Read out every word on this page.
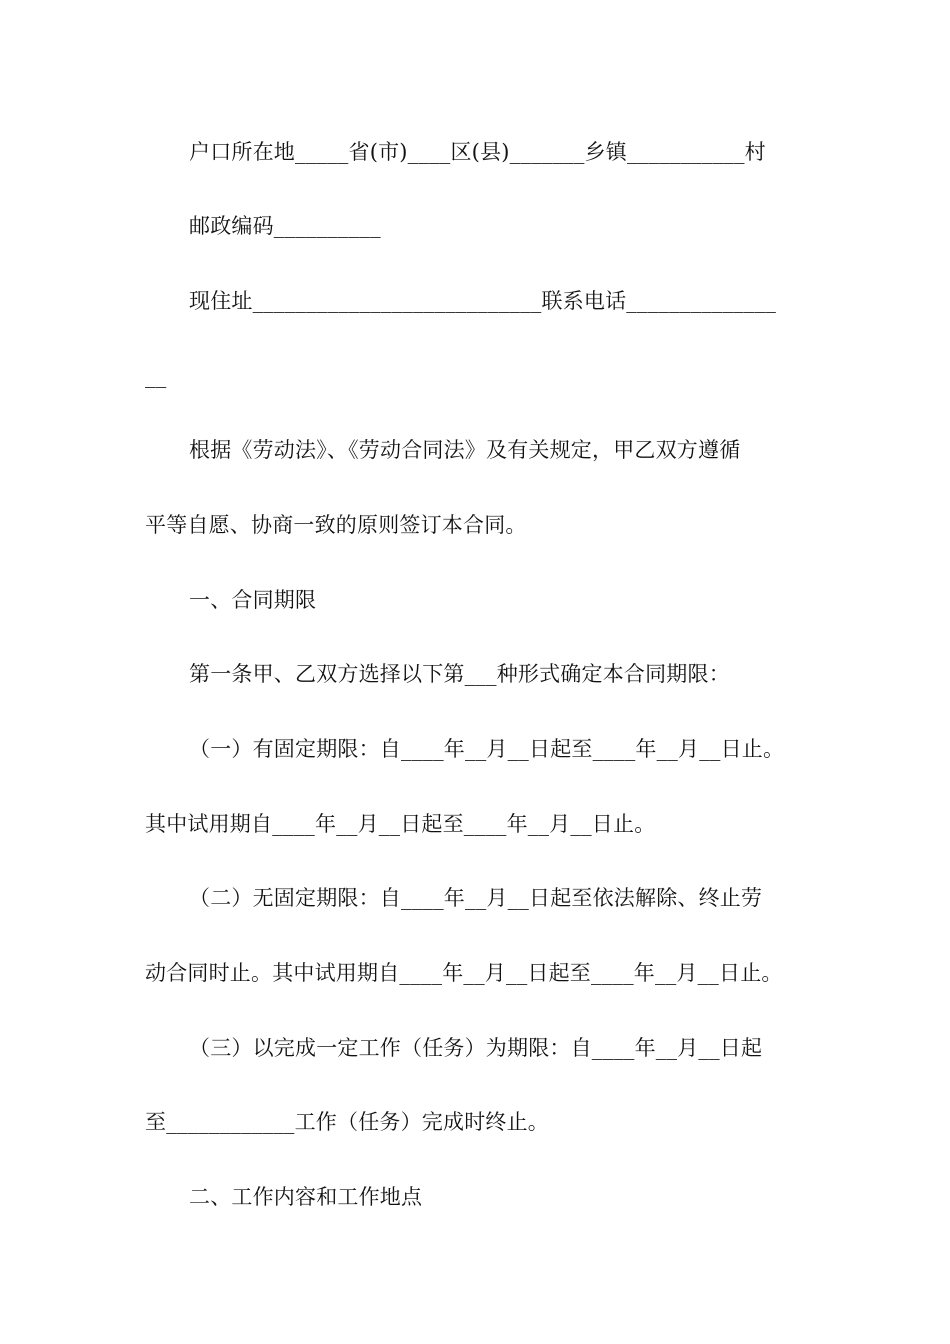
户口所在地_____省(市)____区(县)_______乡镇___________村
邮政编码__________
现住址___________________________联系电话______________
__
根据《劳动法》、《劳动合同法》及有关规定，甲乙双方遵循
平等自愿、协商一致的原则签订本合同。
一、合同期限
第一条甲、乙双方选择以下第___种形式确定本合同期限：
（一）有固定期限：自____年__月__日起至____年__月__日止。
其中试用期自____年__月__日起至____年__月__日止。
（二）无固定期限：自____年__月__日起至依法解除、终止劳
动合同时止。其中试用期自____年__月__日起至____年__月__日止。
（三）以完成一定工作（任务）为期限：自____年__月__日起
至____________工作（任务）完成时终止。
二、工作内容和工作地点
